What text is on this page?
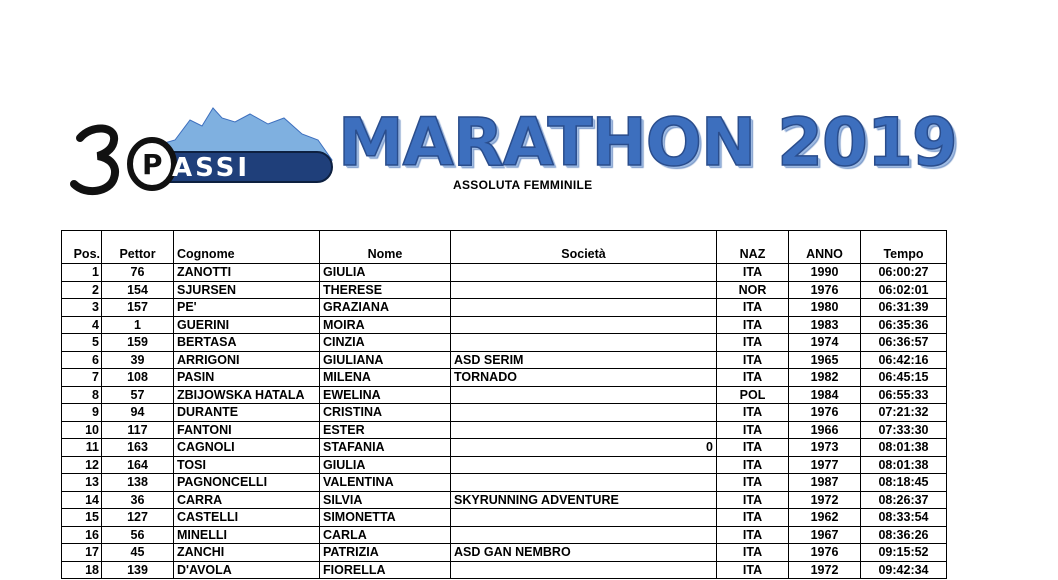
P ASSI MARATHON 2019

ASSOLUTA FEMMINILE

Pos.	Pettor	Cognome	Nome	Società	NAZ	ANNO	Tempo
1	76	ZANOTTI	GIULIA		ITA	1990	06:00:27
2	154	SJURSEN	THERESE		NOR	1976	06:02:01
3	157	PE'	GRAZIANA		ITA	1980	06:31:39
4	1	GUERINI	MOIRA		ITA	1983	06:35:36
5	159	BERTASA	CINZIA		ITA	1974	06:36:57
6	39	ARRIGONI	GIULIANA	ASD SERIM	ITA	1965	06:42:16
7	108	PASIN	MILENA	TORNADO	ITA	1982	06:45:15
8	57	ZBIJOWSKA HATALA	EWELINA		POL	1984	06:55:33
9	94	DURANTE	CRISTINA		ITA	1976	07:21:32
10	117	FANTONI	ESTER		ITA	1966	07:33:30
11	163	CAGNOLI	STAFANIA	0	ITA	1973	08:01:38
12	164	TOSI	GIULIA		ITA	1977	08:01:38
13	138	PAGNONCELLI	VALENTINA		ITA	1987	08:18:45
14	36	CARRA	SILVIA	SKYRUNNING ADVENTURE	ITA	1972	08:26:37
15	127	CASTELLI	SIMONETTA		ITA	1962	08:33:54
16	56	MINELLI	CARLA		ITA	1967	08:36:26
17	45	ZANCHI	PATRIZIA	ASD GAN NEMBRO	ITA	1976	09:15:52
18	139	D'AVOLA	FIORELLA		ITA	1972	09:42:34
